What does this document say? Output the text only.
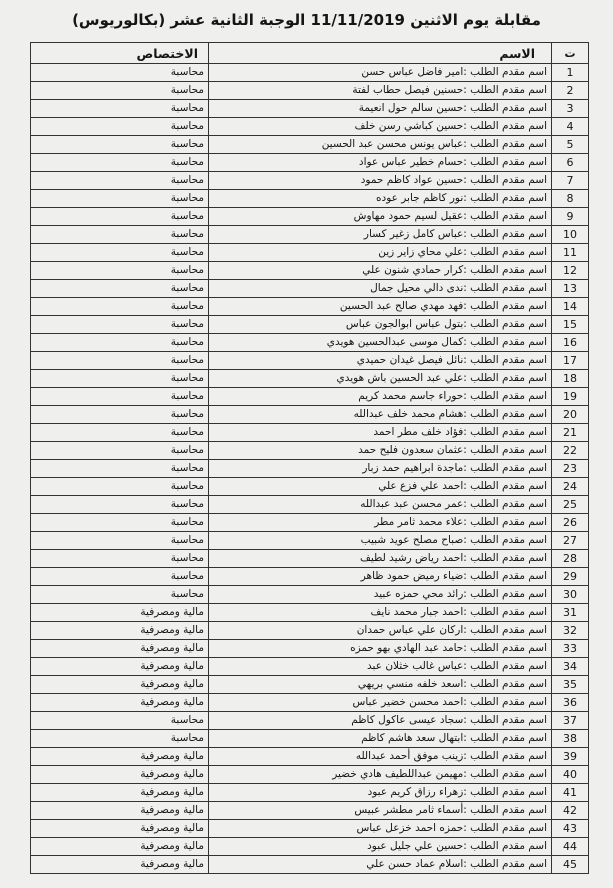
مقابلة يوم الاثنين 11/11/2019 الوجبة الثانية عشر (بكالوريوس)
ت	الاسم	الاختصاص
1	اسم مقدم الطلب :امير فاضل عباس حسن	محاسبة
2	اسم مقدم الطلب :حسنين فيصل حطاب لفتة	محاسبة
3	اسم مقدم الطلب :حسين سالم حول انعيمة	محاسبة
4	اسم مقدم الطلب :حسين كباشي رسن خلف	محاسبة
5	اسم مقدم الطلب :عباس يونس محسن عبد الحسين	محاسبة
6	اسم مقدم الطلب :حسام خطير عباس عواد	محاسبة
7	اسم مقدم الطلب :حسين عواد كاظم حمود	محاسبة
8	اسم مقدم الطلب :نور كاظم جابر عوده	محاسبة
9	اسم مقدم الطلب :عقيل لسيم حمود مهاوش	محاسبة
10	اسم مقدم الطلب :عباس كامل زغير كسار	محاسبة
11	اسم مقدم الطلب :علي محاي زاير زين	محاسبة
12	اسم مقدم الطلب :كرار حمادي شنون علي	محاسبة
13	اسم مقدم الطلب :ندى دالي محيل جمال	محاسبة
14	اسم مقدم الطلب :فهد مهدي صالح عبد الحسين	محاسبة
15	اسم مقدم الطلب :بتول عباس ابوالجون عباس	محاسبة
16	اسم مقدم الطلب :كمال موسى عبدالحسين هويدي	محاسبة
17	اسم مقدم الطلب :نائل فيصل غيدان حميدي	محاسبة
18	اسم مقدم الطلب :علي عبد الحسين باش هويدي	محاسبة
19	اسم مقدم الطلب :حوراء جاسم محمد كريم	محاسبة
20	اسم مقدم الطلب :هشام محمد خلف عبدالله	محاسبة
21	اسم مقدم الطلب :فؤاد خلف مطر احمد	محاسبة
22	اسم مقدم الطلب :عثمان سعدون فليح حمد	محاسبة
23	اسم مقدم الطلب :ماجدة ابراهيم حمد زبار	محاسبة
24	اسم مقدم الطلب :احمد علي فزع علي	محاسبة
25	اسم مقدم الطلب :عمر محسن عبد عبدالله	محاسبة
26	اسم مقدم الطلب :علاء محمد ثامر مطر	محاسبة
27	اسم مقدم الطلب :صباح مصلح عويد شبيب	محاسبة
28	اسم مقدم الطلب :احمد رياض رشيد لطيف	محاسبة
29	اسم مقدم الطلب :ضياء رميض حمود ظاهر	محاسبة
30	اسم مقدم الطلب :رائد محي حمزه عبيد	محاسبة
31	اسم مقدم الطلب :احمد جبار محمد نايف	مالية ومصرفية
32	اسم مقدم الطلب :اركان علي عباس حمدان	مالية ومصرفية
33	اسم مقدم الطلب :حامد عبد الهادي بهو حمزه	مالية ومصرفية
34	اسم مقدم الطلب :عباس غالب خثلان عبد	مالية ومصرفية
35	اسم مقدم الطلب :اسعد خلفه منسي بريهي	مالية ومصرفية
36	اسم مقدم الطلب :احمد محسن خضير عباس	مالية ومصرفية
37	اسم مقدم الطلب :سجاد عيسى عاكول كاظم	محاسبة
38	اسم مقدم الطلب :ابتهال سعد هاشم كاظم	محاسبة
39	اسم مقدم الطلب :زينب موفق أحمد عبدالله	مالية ومصرفية
40	اسم مقدم الطلب :مهيمن عبداللطيف هادي خضير	مالية ومصرفية
41	اسم مقدم الطلب :زهراء رزاق كريم عبود	مالية ومصرفية
42	اسم مقدم الطلب :أسماء ثامر مطشر عبيس	مالية ومصرفية
43	اسم مقدم الطلب :حمزه احمد خزعل عباس	مالية ومصرفية
44	اسم مقدم الطلب :حسين علي جليل عبود	مالية ومصرفية
45	اسم مقدم الطلب :اسلام عماد حسن علي	مالية ومصرفية
